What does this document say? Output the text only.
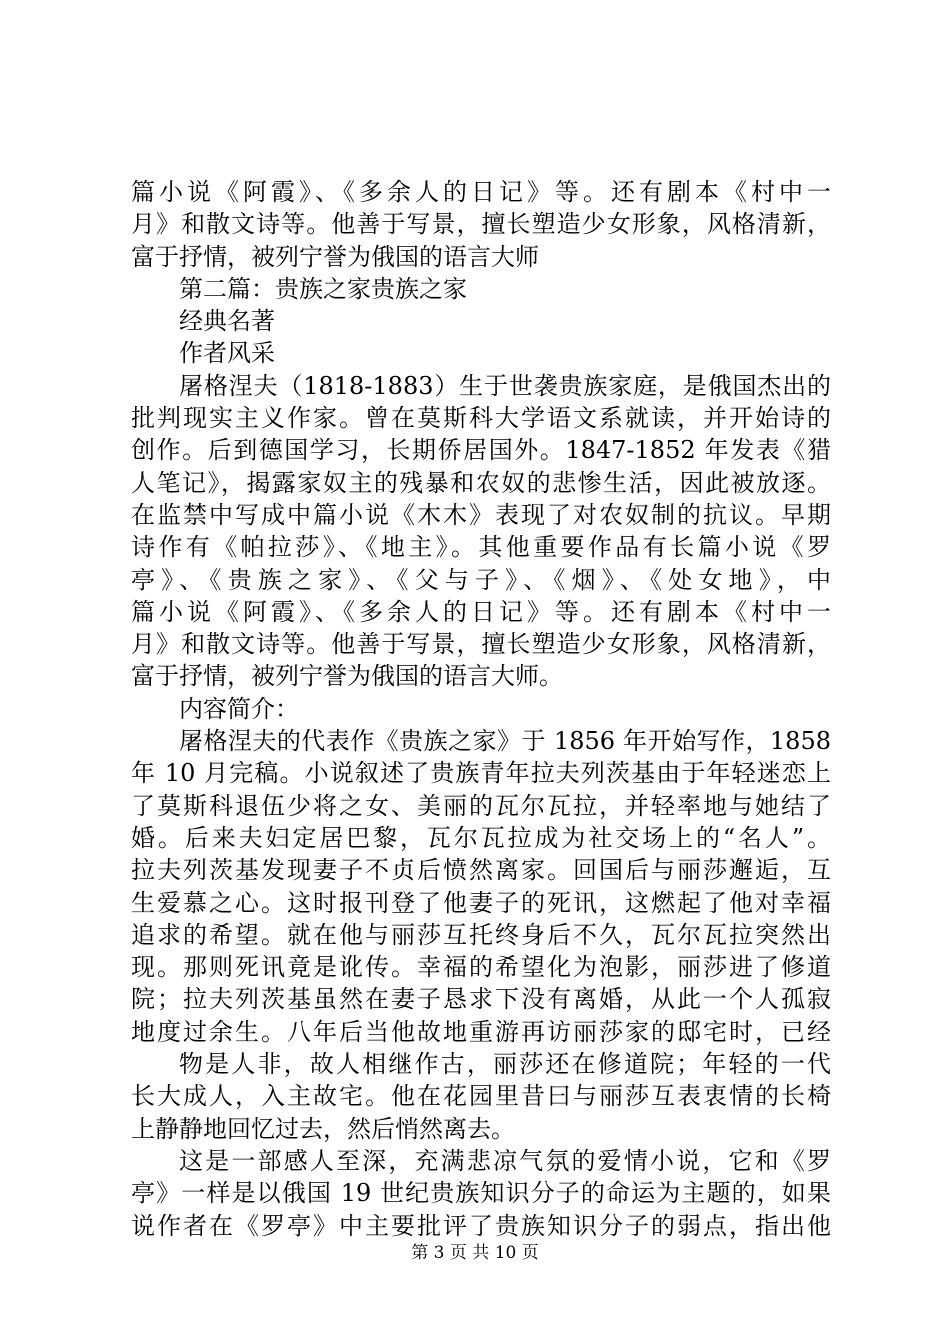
篇小说《阿霞》、《多余人的日记》等。还有剧本《村中一
月》和散文诗等。他善于写景，擅长塑造少女形象，风格清新，
富于抒情，被列宁誉为俄国的语言大师
第二篇：贵族之家贵族之家
经典名著
作者风采
屠格涅夫（1818-1883）生于世袭贵族家庭，是俄国杰出的
批判现实主义作家。曾在莫斯科大学语文系就读，并开始诗的
创作。后到德国学习，长期侨居国外。1847-1852 年发表《猎
人笔记》，揭露家奴主的残暴和农奴的悲惨生活，因此被放逐。
在监禁中写成中篇小说《木木》表现了对农奴制的抗议。早期
诗作有《帕拉莎》、《地主》。其他重要作品有长篇小说《罗
亭》、《贵族之家》、《父与子》、《烟》、《处女地》，中
篇小说《阿霞》、《多余人的日记》等。还有剧本《村中一
月》和散文诗等。他善于写景，擅长塑造少女形象，风格清新，
富于抒情，被列宁誉为俄国的语言大师。
内容简介：
屠格涅夫的代表作《贵族之家》于 1856 年开始写作，1858
年 10 月完稿。小说叙述了贵族青年拉夫列茨基由于年轻迷恋上
了莫斯科退伍少将之女、美丽的瓦尔瓦拉，并轻率地与她结了
婚。后来夫妇定居巴黎，瓦尔瓦拉成为社交场上的“名人”。
拉夫列茨基发现妻子不贞后愤然离家。回国后与丽莎邂逅，互
生爱慕之心。这时报刊登了他妻子的死讯，这燃起了他对幸福
追求的希望。就在他与丽莎互托终身后不久，瓦尔瓦拉突然出
现。那则死讯竟是讹传。幸福的希望化为泡影，丽莎进了修道
院；拉夫列茨基虽然在妻子恳求下没有离婚，从此一个人孤寂
地度过余生。八年后当他故地重游再访丽莎家的邸宅时，已经
物是人非，故人相继作古，丽莎还在修道院；年轻的一代
长大成人，入主故宅。他在花园里昔曰与丽莎互表衷情的长椅
上静静地回忆过去，然后悄然离去。
这是一部感人至深，充满悲凉气氛的爱情小说，它和《罗
亭》一样是以俄国 19 世纪贵族知识分子的命运为主题的，如果
说作者在《罗亭》中主要批评了贵族知识分子的弱点，指出他
第 3 页 共 10 页
